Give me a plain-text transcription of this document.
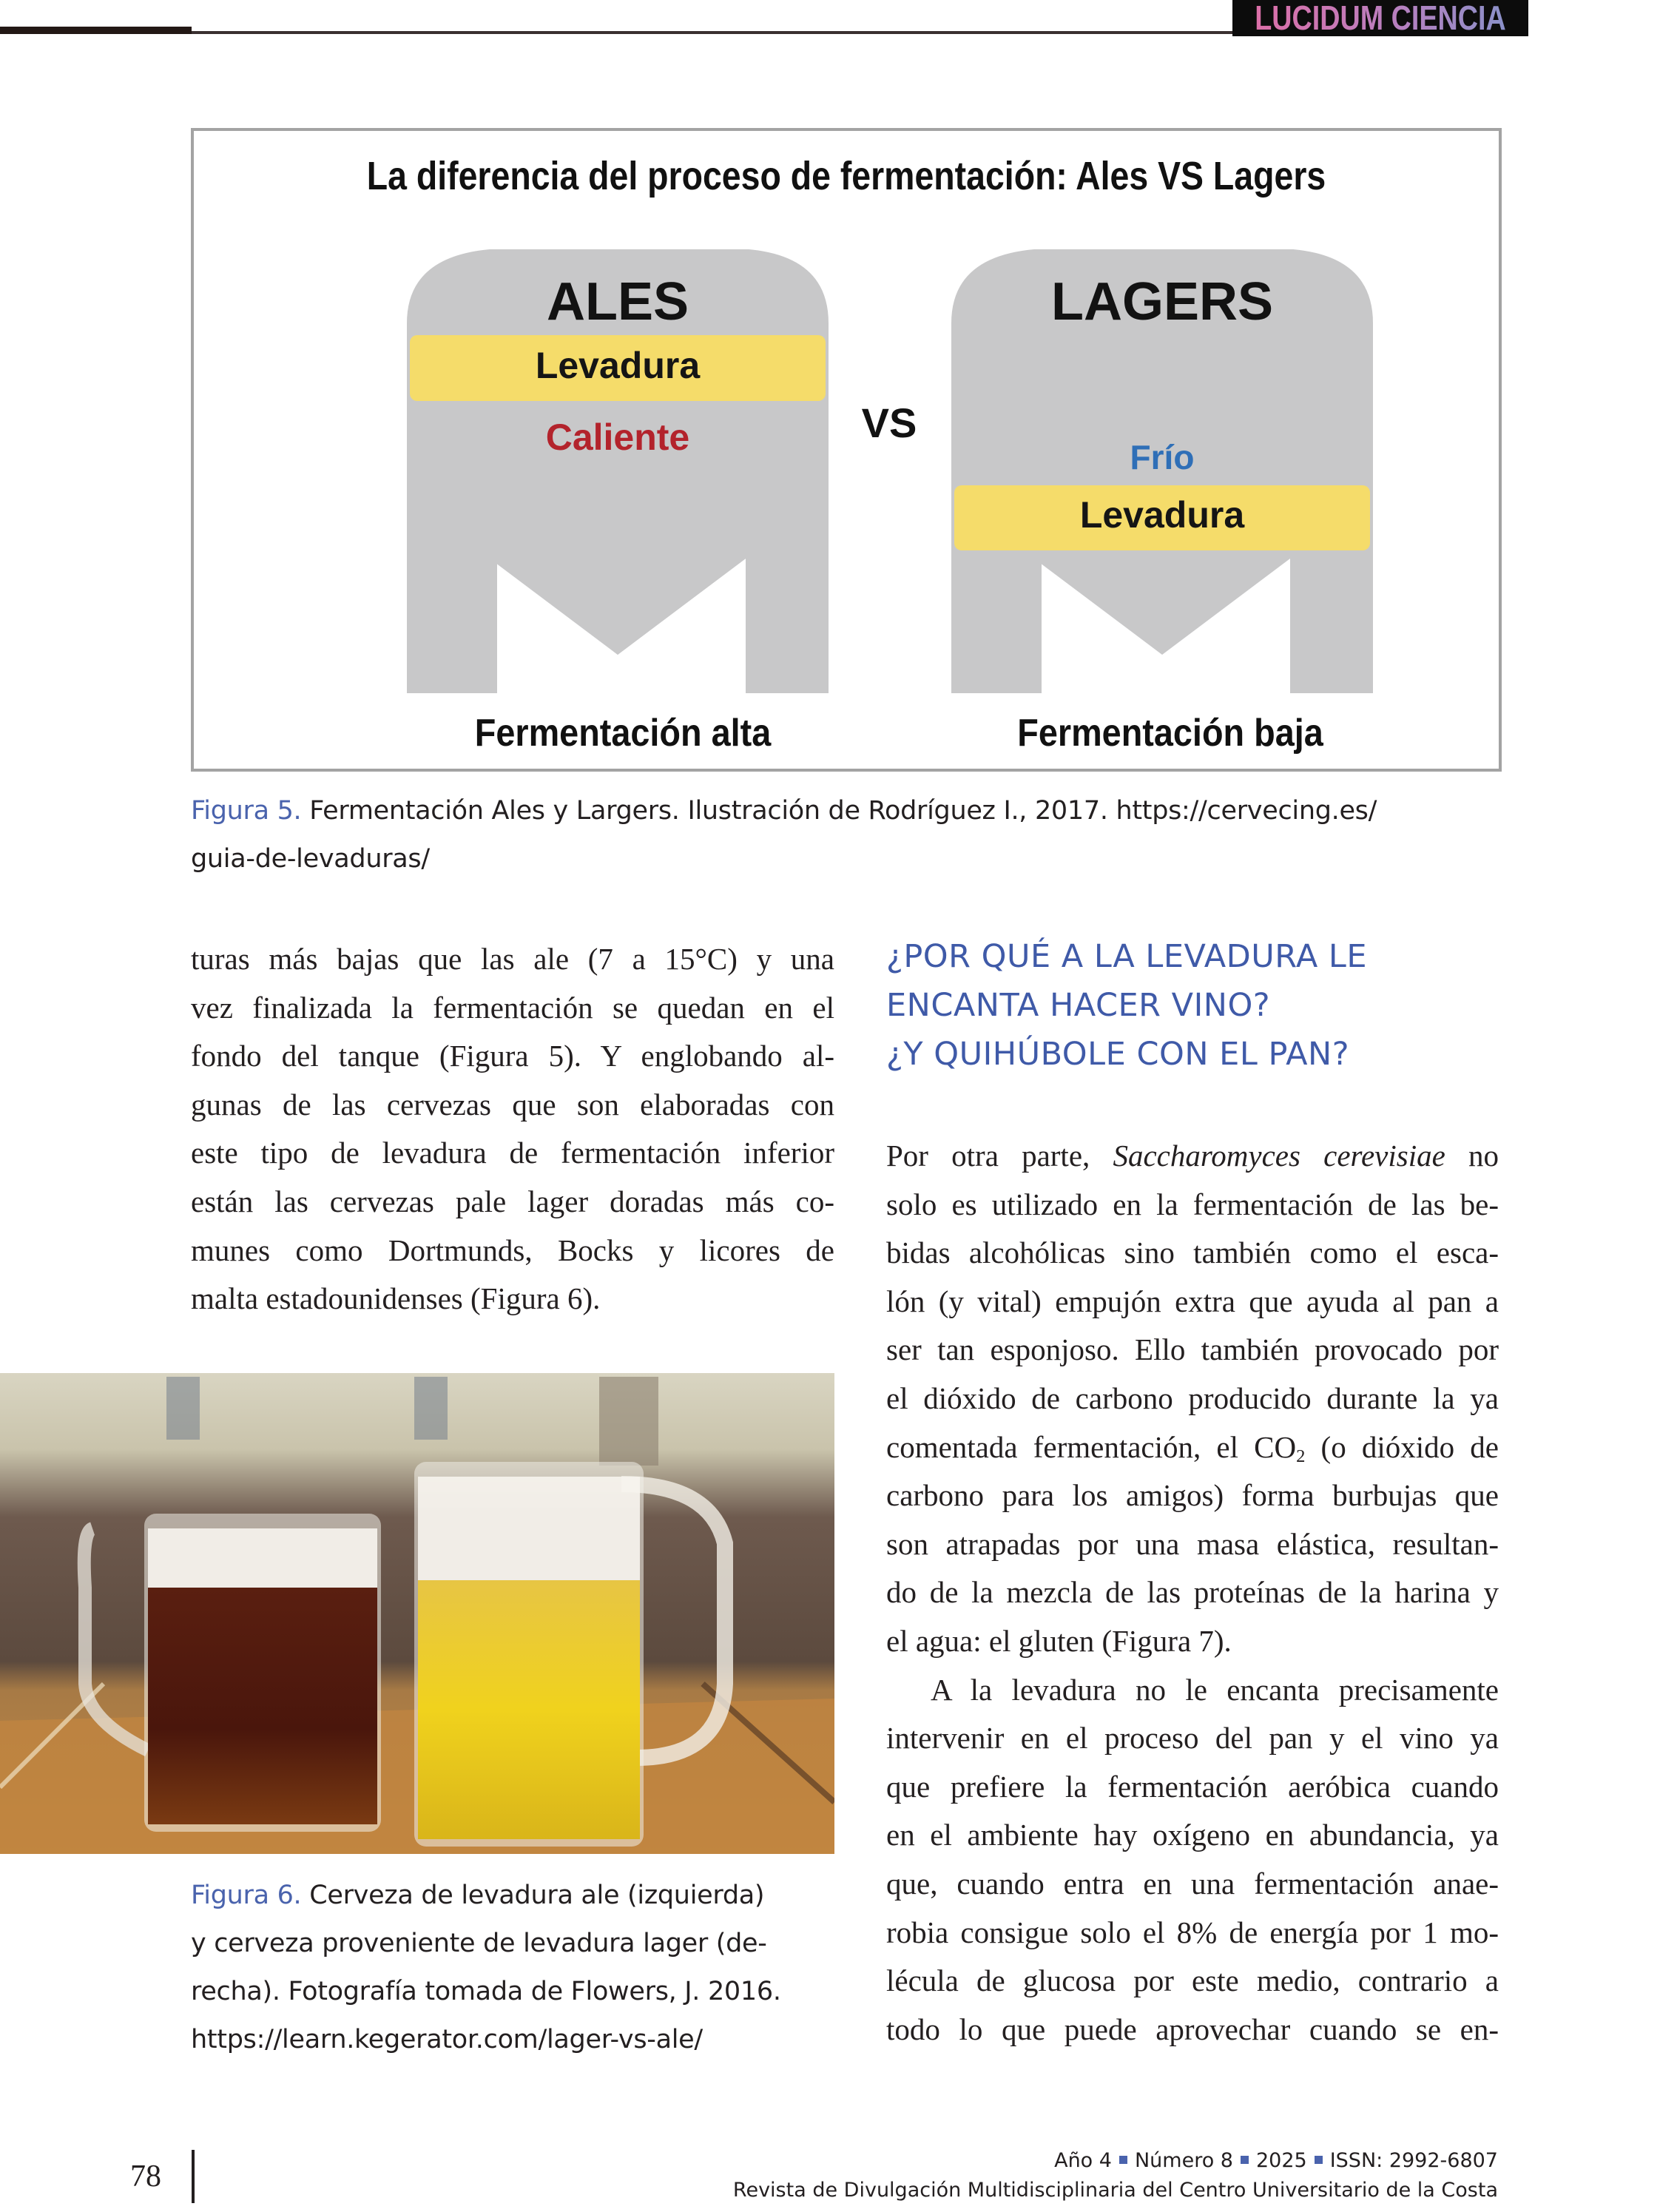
LUCIDUM CIENCIA
La diferencia del proceso de fermentación: Ales VS Lagers
ALES
Levadura
Caliente	VS
LAGERS
Frío
Levadura
Fermentación alta	Fermentación baja
Figura 5. Fermentación Ales y Largers. Ilustración de Rodríguez I., 2017. https://cervecing.es/
guia-de-levaduras/
turas más bajas que las ale (7 a 15°C) y una
vez finalizada la fermentación se quedan en el
fondo del tanque (Figura 5). Y englobando al-
gunas de las cervezas que son elaboradas con
este tipo de levadura de fermentación inferior
están las cervezas pale lager doradas más co-
munes como Dortmunds, Bocks y licores de
malta estadounidenses (Figura 6).
Figura 6. Cerveza de levadura ale (izquierda)
y cerveza proveniente de levadura lager (de-
recha). Fotografía tomada de Flowers, J. 2016.
https://learn.kegerator.com/lager-vs-ale/
¿POR QUÉ A LA LEVADURA LE
ENCANTA HACER VINO?
¿Y QUIHÚBOLE CON EL PAN?
Por otra parte, Saccharomyces cerevisiae no
solo es utilizado en la fermentación de las be-
bidas alcohólicas sino también como el esca-
lón (y vital) empujón extra que ayuda al pan a
ser tan esponjoso. Ello también provocado por
el dióxido de carbono producido durante la ya
comentada fermentación, el $CO_2$ (o dióxido de
carbono para los amigos) forma burbujas que
son atrapadas por una masa elástica, resultan-
do de la mezcla de las proteínas de la harina y
el agua: el gluten (Figura 7).
A la levadura no le encanta precisamente
intervenir en el proceso del pan y el vino ya
que prefiere la fermentación aeróbica cuando
en el ambiente hay oxígeno en abundancia, ya
que, cuando entra en una fermentación anae-
robia consigue solo el 8% de energía por 1 mo-
lécula de glucosa por este medio, contrario a
todo lo que puede aprovechar cuando se en-
78	Año 4 Número 8 2025 ISSN: 2992-6807
Revista de Divulgación Multidisciplinaria del Centro Universitario de la Costa
